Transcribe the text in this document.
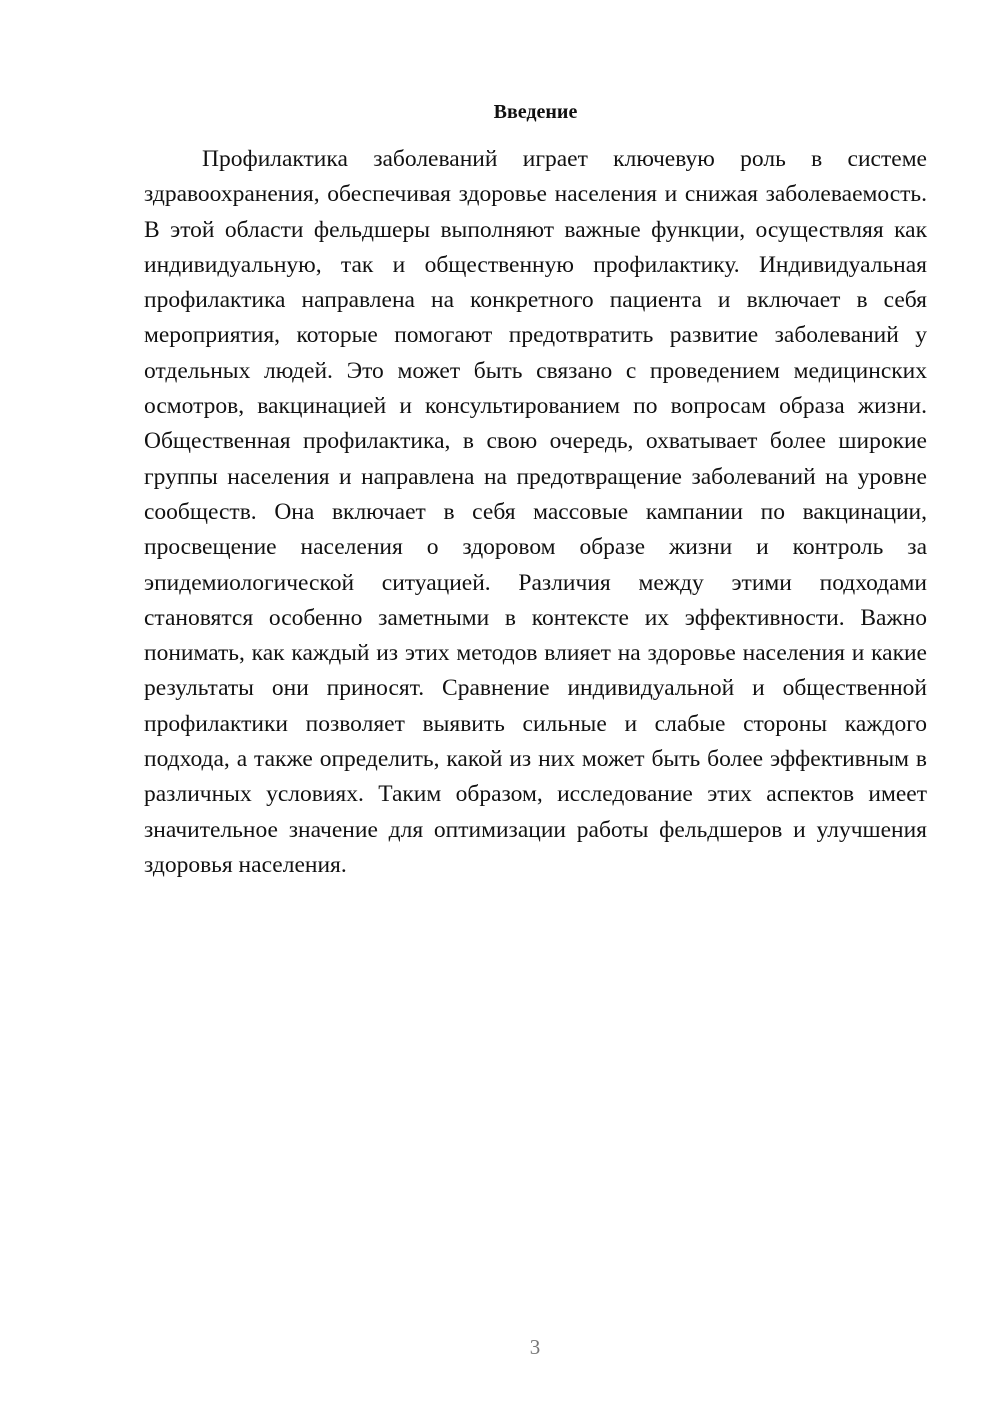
Введение

Профилактика заболеваний играет ключевую роль в системе здравоохранения, обеспечивая здоровье населения и снижая заболеваемость. В этой области фельдшеры выполняют важные функции, осуществляя как индивидуальную, так и общественную профилактику. Индивидуальная профилактика направлена на конкретного пациента и включает в себя мероприятия, которые помогают предотвратить развитие заболеваний у отдельных людей. Это может быть связано с проведением медицинских осмотров, вакцинацией и консультированием по вопросам образа жизни. Общественная профилактика, в свою очередь, охватывает более широкие группы населения и направлена на предотвращение заболеваний на уровне сообществ. Она включает в себя массовые кампании по вакцинации, просвещение населения о здоровом образе жизни и контроль за эпидемиологической ситуацией. Различия между этими подходами становятся особенно заметными в контексте их эффективности. Важно понимать, как каждый из этих методов влияет на здоровье населения и какие результаты они приносят. Сравнение индивидуальной и общественной профилактики позволяет выявить сильные и слабые стороны каждого подхода, а также определить, какой из них может быть более эффективным в различных условиях. Таким образом, исследование этих аспектов имеет значительное значение для оптимизации работы фельдшеров и улучшения здоровья населения.

3
